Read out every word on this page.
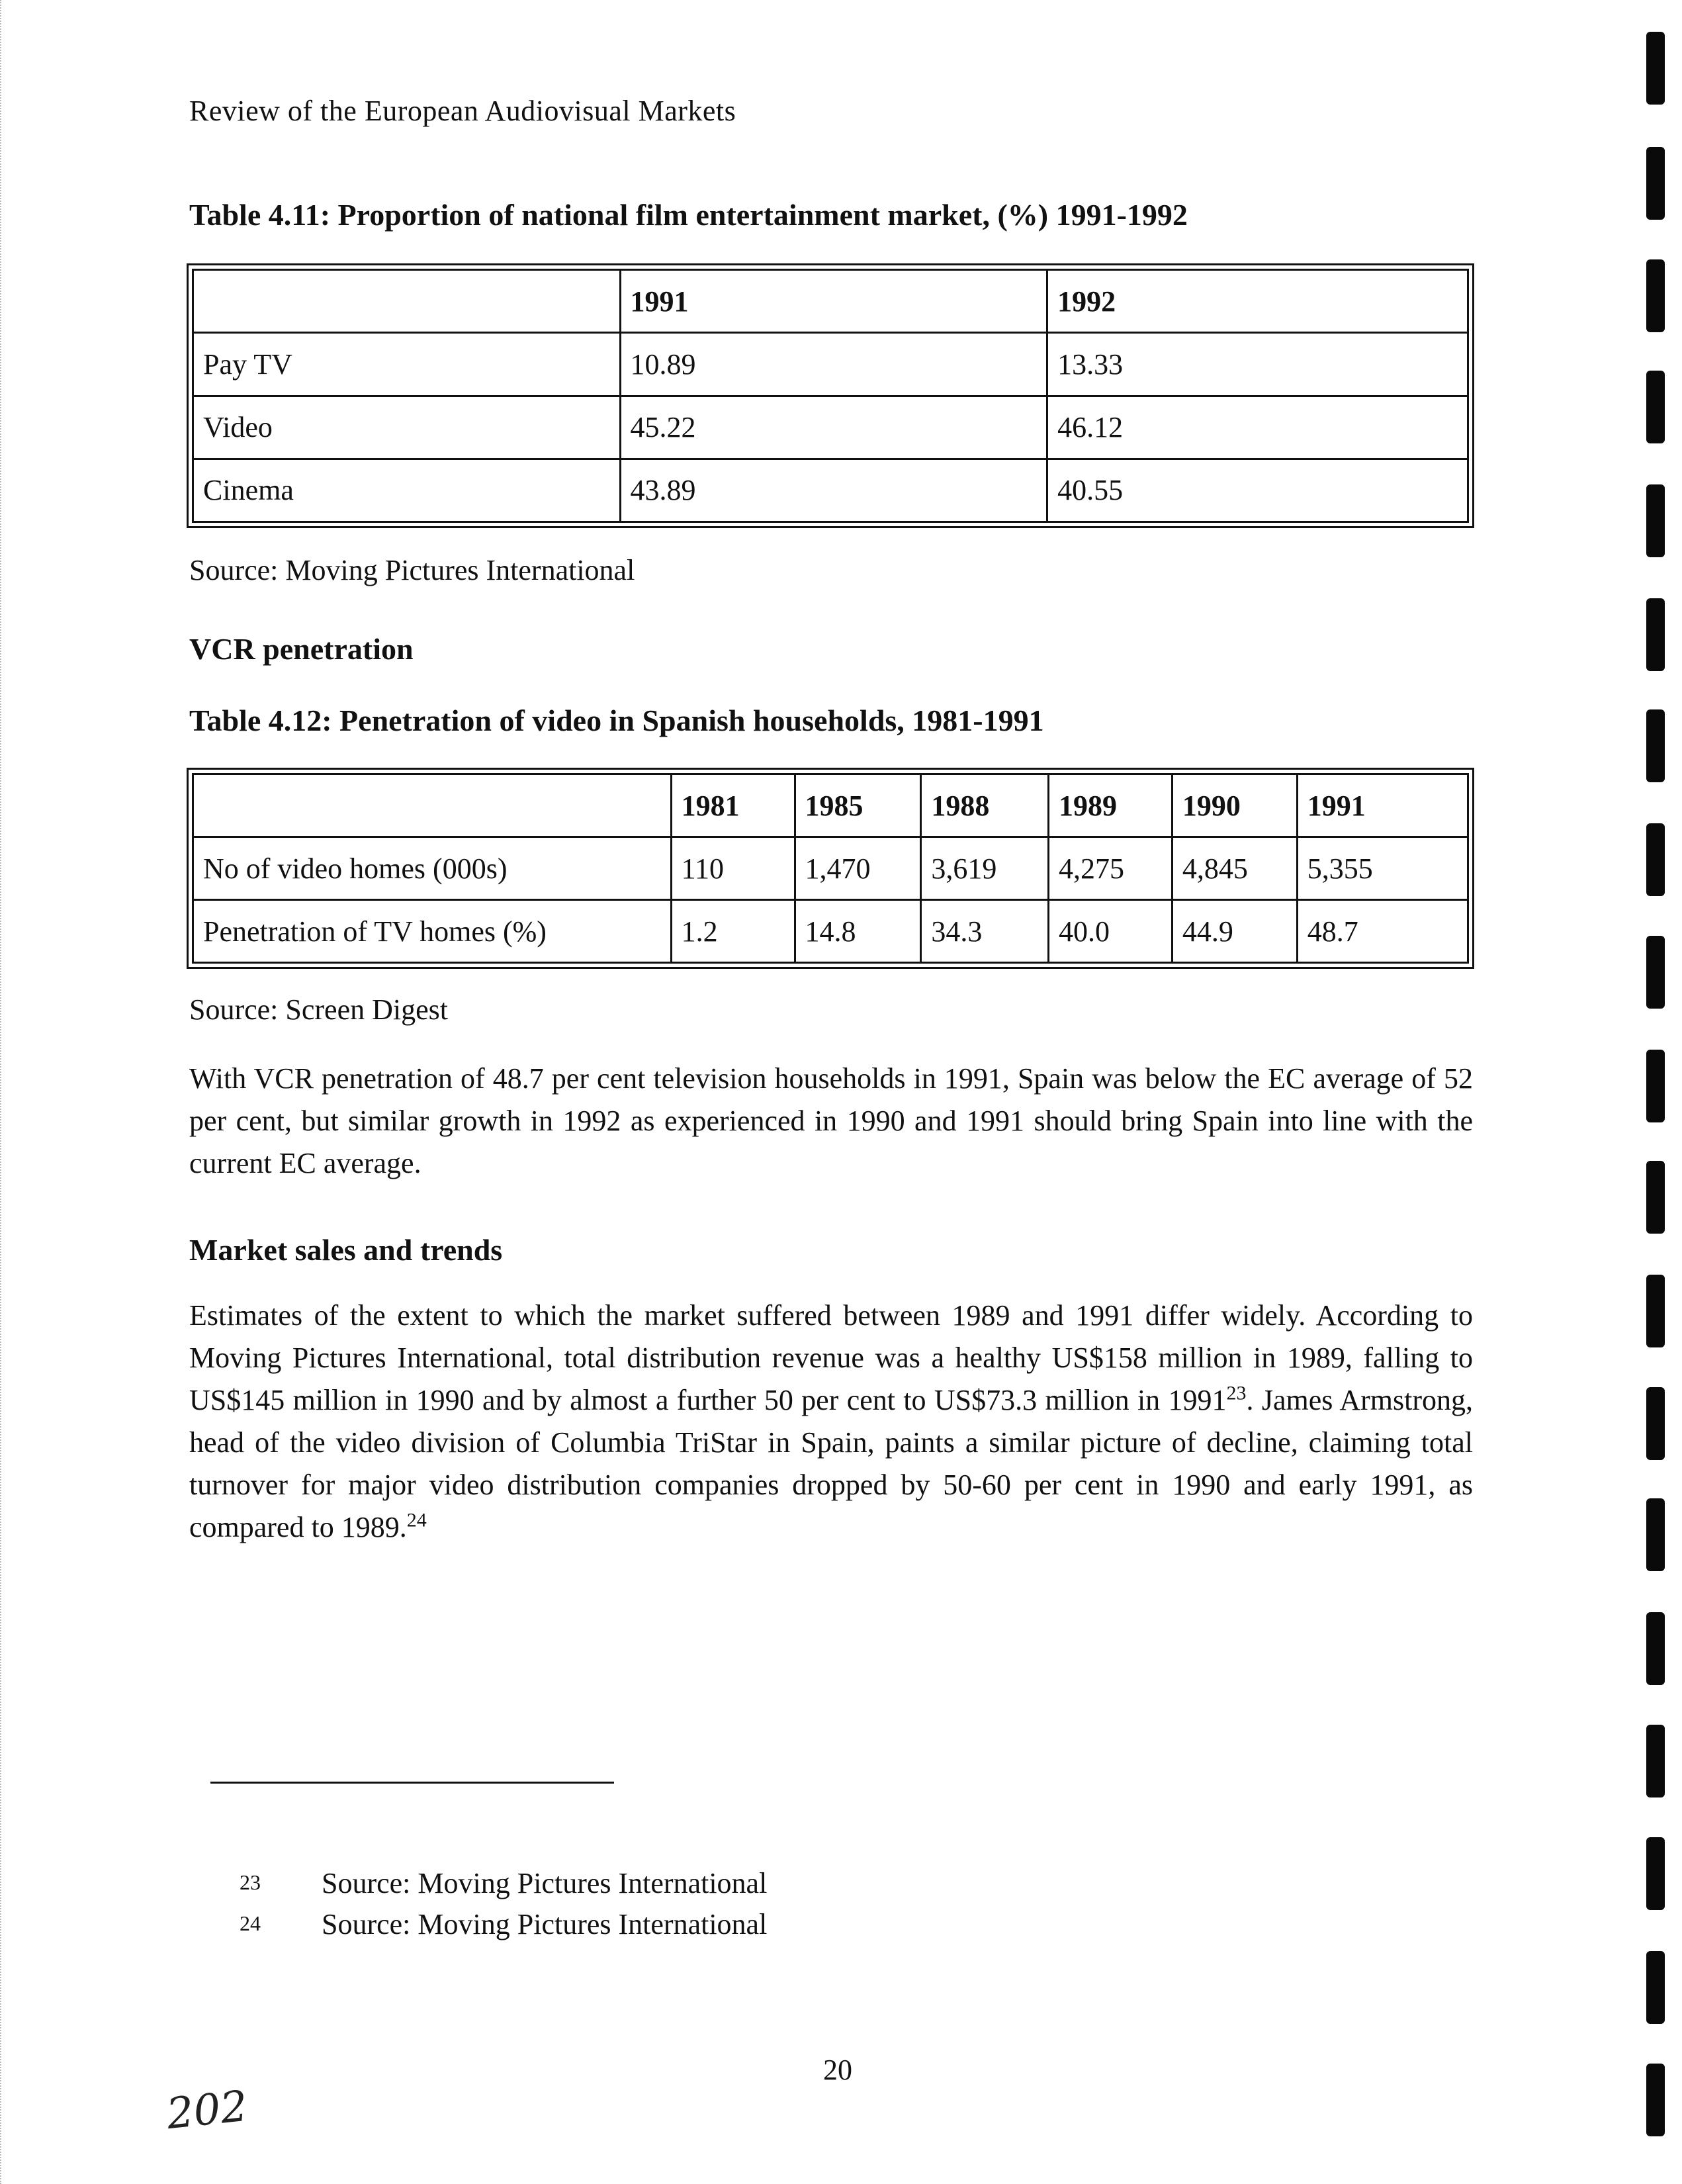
Review of the European Audiovisual Markets
Table 4.11: Proportion of national film entertainment market, (%) 1991-1992
	1991	1992
Pay TV	10.89	13.33
Video	45.22	46.12
Cinema	43.89	40.55
Source: Moving Pictures International
VCR penetration
Table 4.12: Penetration of video in Spanish households, 1981-1991
	1981	1985	1988	1989	1990	1991
No of video homes (000s)	110	1,470	3,619	4,275	4,845	5,355
Penetration of TV homes (%)	1.2	14.8	34.3	40.0	44.9	48.7
Source: Screen Digest
With VCR penetration of 48.7 per cent television households in 1991, Spain was below the EC average of 52 per cent, but similar growth in 1992 as experienced in 1990 and 1991 should bring Spain into line with the current EC average.
Market sales and trends
Estimates of the extent to which the market suffered between 1989 and 1991 differ widely. According to Moving Pictures International, total distribution revenue was a healthy US$158 million in 1989, falling to US$145 million in 1990 and by almost a further 50 per cent to US$73.3 million in 1991$^{23}$. James Armstrong, head of the video division of Columbia TriStar in Spain, paints a similar picture of decline, claiming total turnover for major video distribution companies dropped by 50-60 per cent in 1990 and early 1991, as compared to 1989.24
23 Source: Moving Pictures International
24 Source: Moving Pictures International
20
202
